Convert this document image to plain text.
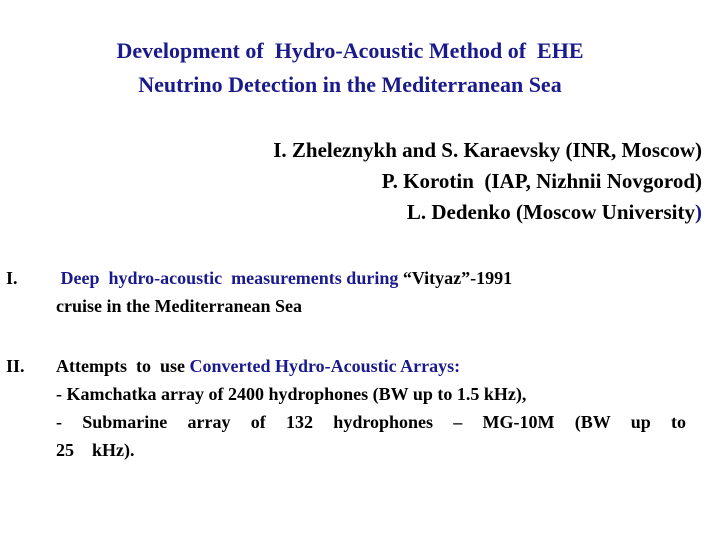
Development of  Hydro-Acoustic Method of  EHE

Neutrino Detection in the Mediterranean Sea

I. Zheleznykh and S. Karaevsky (INR, Moscow)
P. Korotin  (IAP, Nizhnii Novgorod)
L. Dedenko (Moscow University)
I. Deep  hydro-acoustic  measurements during “Vityaz”-1991
cruise in the Mediterranean Sea
II. Attempts  to  use Converted Hydro-Acoustic Arrays:
- Kamchatka array of 2400 hydrophones (BW up to 1.5 kHz),
- Submarine array of 132 hydrophones – MG-10M (BW up to
25    kHz).
